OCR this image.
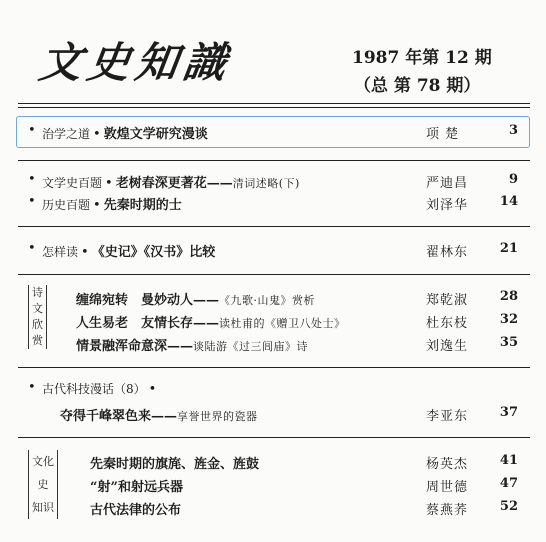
文史知識	1987 年第 12 期
（总 第 78 期）
• 治学之道 • 敦煌文学研究漫谈	项 楚	3
• 文学史百题 • 老树春深更著花——清词述略(下)	严迪昌	9
• 历史百题 • 先秦时期的士	刘泽华 14
• 怎样读 • 《史记》《汉书》比较	翟林东 21
诗
文
欣
赏
缠绵宛转　曼妙动人——《九歌·山鬼》赏析	郑乾淑 28
人生易老　友情长存——读杜甫的《赠卫八处士》	杜东枝 32
情景融浑命意深——谈陆游《过三闾庙》诗	刘逸生 35
• 古代科技漫话（8） •
夺得千峰翠色来——享誉世界的瓷器	李亚东 37
文化
史
知识
先秦时期的旗旄、旌金、旌鼓	杨英杰 41
“射”和射远兵器	周世德 47
古代法律的公布	蔡燕荞 52
